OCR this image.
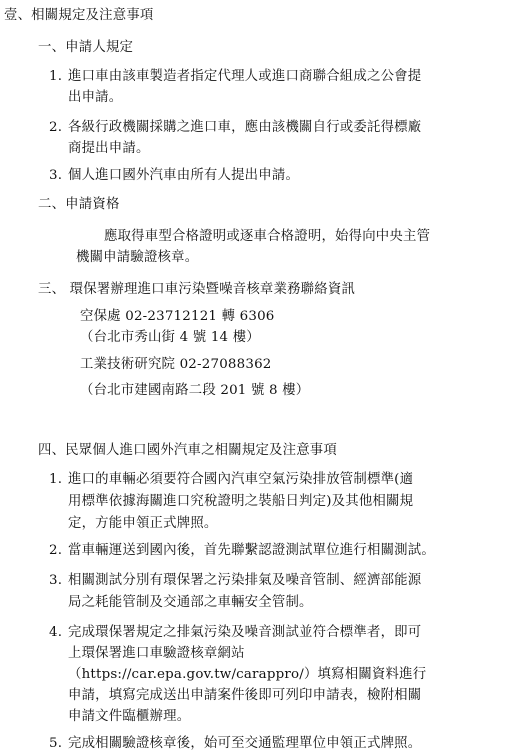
壹、相關規定及注意事項
一、申請人規定
1. 進口車由該車製造者指定代理人或進口商聯合組成之公會提
出申請。
2. 各級行政機關採購之進口車，應由該機關自行或委託得標廠
商提出申請。
3. 個人進口國外汽車由所有人提出申請。
二、申請資格
應取得車型合格證明或逐車合格證明，始得向中央主管
機關申請驗證核章。
三、 環保署辦理進口車污染暨噪音核章業務聯絡資訊
空保處 02-23712121 轉 6306
（台北市秀山街 4 號 14 樓）
工業技術研究院 02-27088362
（台北市建國南路二段 201 號 8 樓）
四、民眾個人進口國外汽車之相關規定及注意事項
1. 進口的車輛必須要符合國內汽車空氣污染排放管制標準(適
用標準依據海關進口究稅證明之裝船日判定)及其他相關規
定，方能申領正式牌照。
2. 當車輛運送到國內後，首先聯繫認證測試單位進行相關測試。
3. 相關測試分別有環保署之污染排氣及噪音管制、經濟部能源
局之耗能管制及交通部之車輛安全管制。
4. 完成環保署規定之排氣污染及噪音測試並符合標準者，即可
上環保署進口車驗證核章網站
（https://car.epa.gov.tw/carappro/）填寫相關資料進行
申請，填寫完成送出申請案件後即可列印申請表，檢附相關
申請文件臨櫃辦理。
5. 完成相關驗證核章後，始可至交通監理單位申領正式牌照。
